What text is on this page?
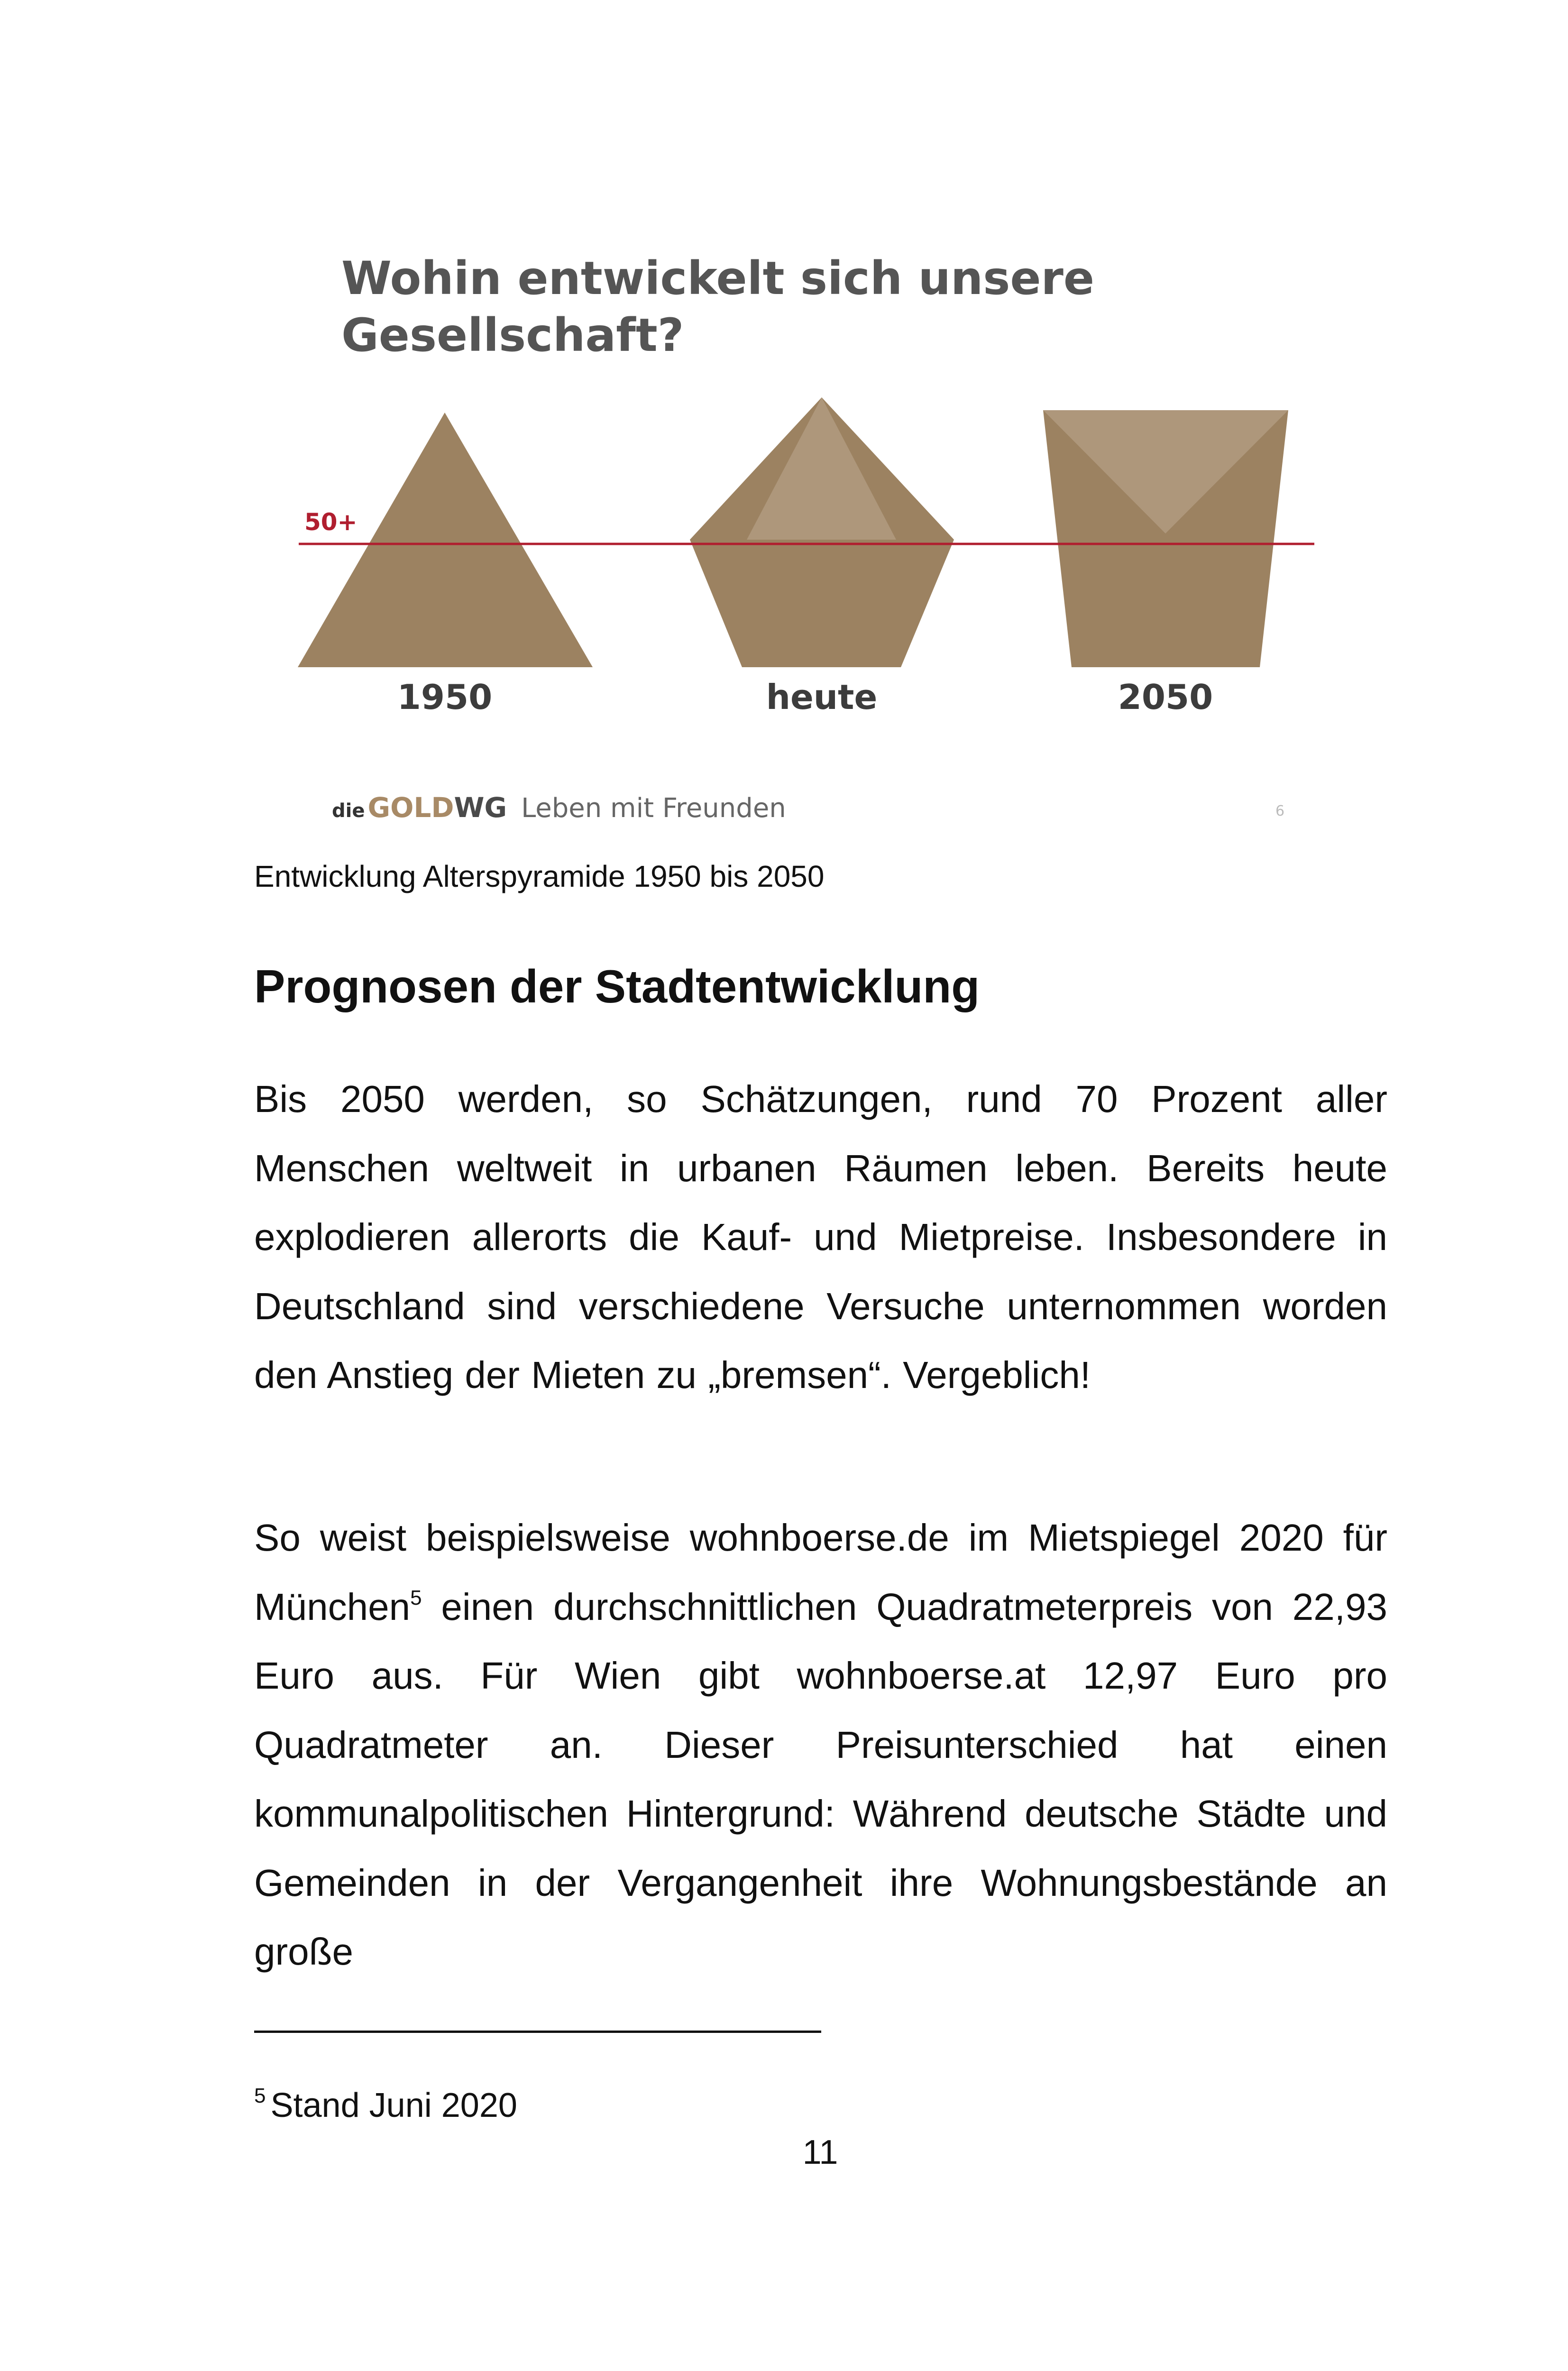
Wohin entwickelt sich unsere
Gesellschaft?
50+
1950	heute	2050
die GOLDWG Leben mit Freunden	6
Entwicklung Alterspyramide 1950 bis 2050
Prognosen der Stadtentwicklung

Bis 2050 werden, so Schätzungen, rund 70 Prozent aller Menschen weltweit in urbanen Räumen leben. Bereits heute explodieren allerorts die Kauf- und Mietpreise. Insbesondere in Deutschland sind verschiedene Versuche unternommen worden den Anstieg der Mieten zu „bremsen“. Vergeblich!

So weist beispielsweise wohnboerse.de im Mietspiegel 2020 für München$^5$ einen durchschnittlichen Quadratmeterpreis von 22,93 Euro aus. Für Wien gibt wohnboerse.at 12,97 Euro pro Quadratmeter an. Dieser Preisunterschied hat einen kommunalpolitischen Hintergrund: Während deutsche Städte und Gemeinden in der Vergangenheit ihre Wohnungsbestände an große

$^5$ Stand Juni 2020
11
